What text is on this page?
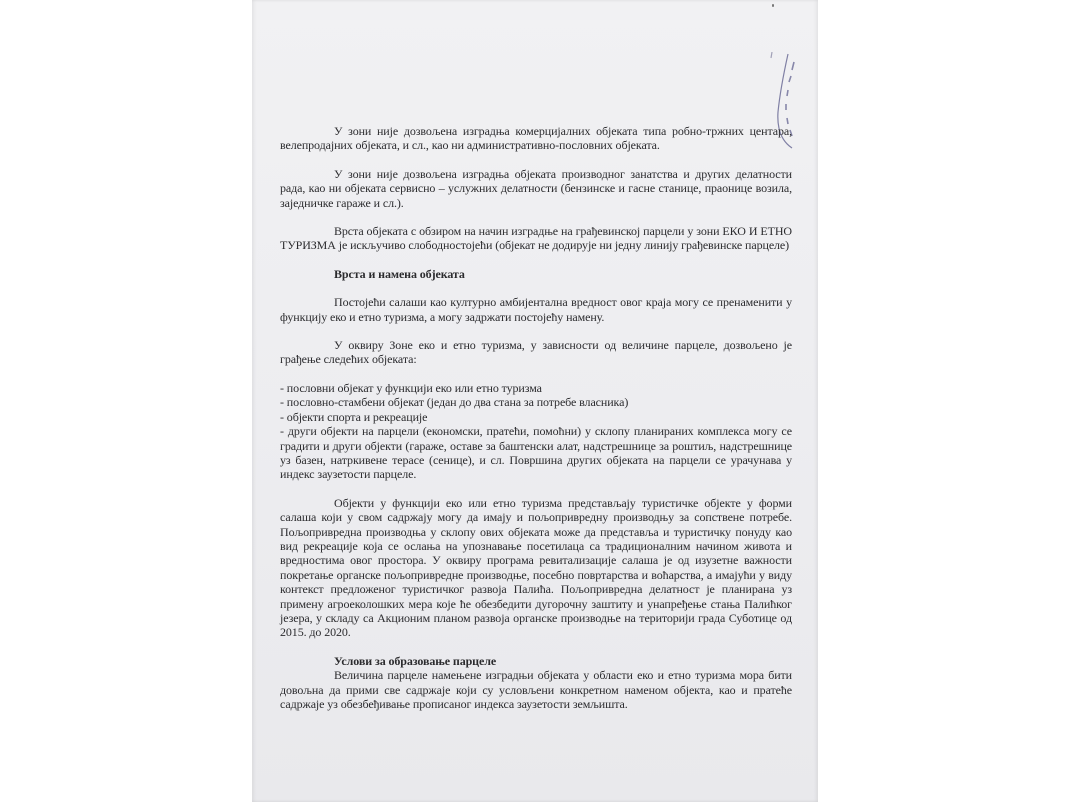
У зони није дозвољена изградња комерцијалних објеката типа робно-тржних центара, велепродајних објеката, и сл., као ни административно-пословних објеката.

У зони није дозвољена изградња објеката производног занатства и других делатности рада, као ни објеката сервисно – услужних делатности (бензинске и гасне станице, праонице возила, заједничке гараже и сл.).

Врста објеката с обзиром на начин изградње на грађевинској парцели у зони ЕКО И ЕТНО ТУРИЗМА је искључиво слободностојећи (објекат не додирује ни једну линију грађевинске парцеле)

Врста и намена објеката

Постојећи салаши као културно амбијентална вредност овог краја могу се пренаменити у функцију еко и етно туризма, а могу задржати постојећу намену.

У оквиру Зоне еко и етно туризма, у зависности од величине парцеле, дозвољено је грађење следећих објеката:

- пословни објекат у функцији еко или етно туризма
- пословно-стамбени објекат (један до два стана за потребе власника)
- објекти спорта и рекреације
- други објекти на парцели (економски, пратећи, помоћни) у склопу планираних комплекса могу се градити и други објекти (гараже, оставе за баштенски алат, надстрешнице за роштиљ, надстрешнице уз базен, натркивене терасе (сенице), и сл. Површина других објеката на парцели се урачунава у индекс заузетости парцеле.

Објекти у функцији еко или етно туризма представљају туристичке објекте у форми салаша који у свом садржају могу да имају и пољопривредну производњу за сопствене потребе. Пољопривредна производња у склопу ових објеката може да представља и туристичку понуду као вид рекреације која се ослања на упознавање посетилаца са традиционалним начином живота и вредностима овог простора. У оквиру програма ревитализације салаша је од изузетне важности покретање органске пољопривредне производње, посебно повртарства и воћарства, а имајући у виду контекст предложеног туристичког развоја Палића. Пољопривредна делатност је планирана уз примену агроеколошких мера које ће обезбедити дугорочну заштиту и унапређење стања Палићког језера, у складу са Акционим планом развоја органске производње на територији града Суботице од 2015. до 2020.

Услови за образовање парцеле

Величина парцеле намењене изградњи објеката у области еко и етно туризма мора бити довољна да прими све садржаје који су условљени конкретном наменом објекта, као и пратеће садржаје уз обезбеђивање прописаног индекса заузетости земљишта.
